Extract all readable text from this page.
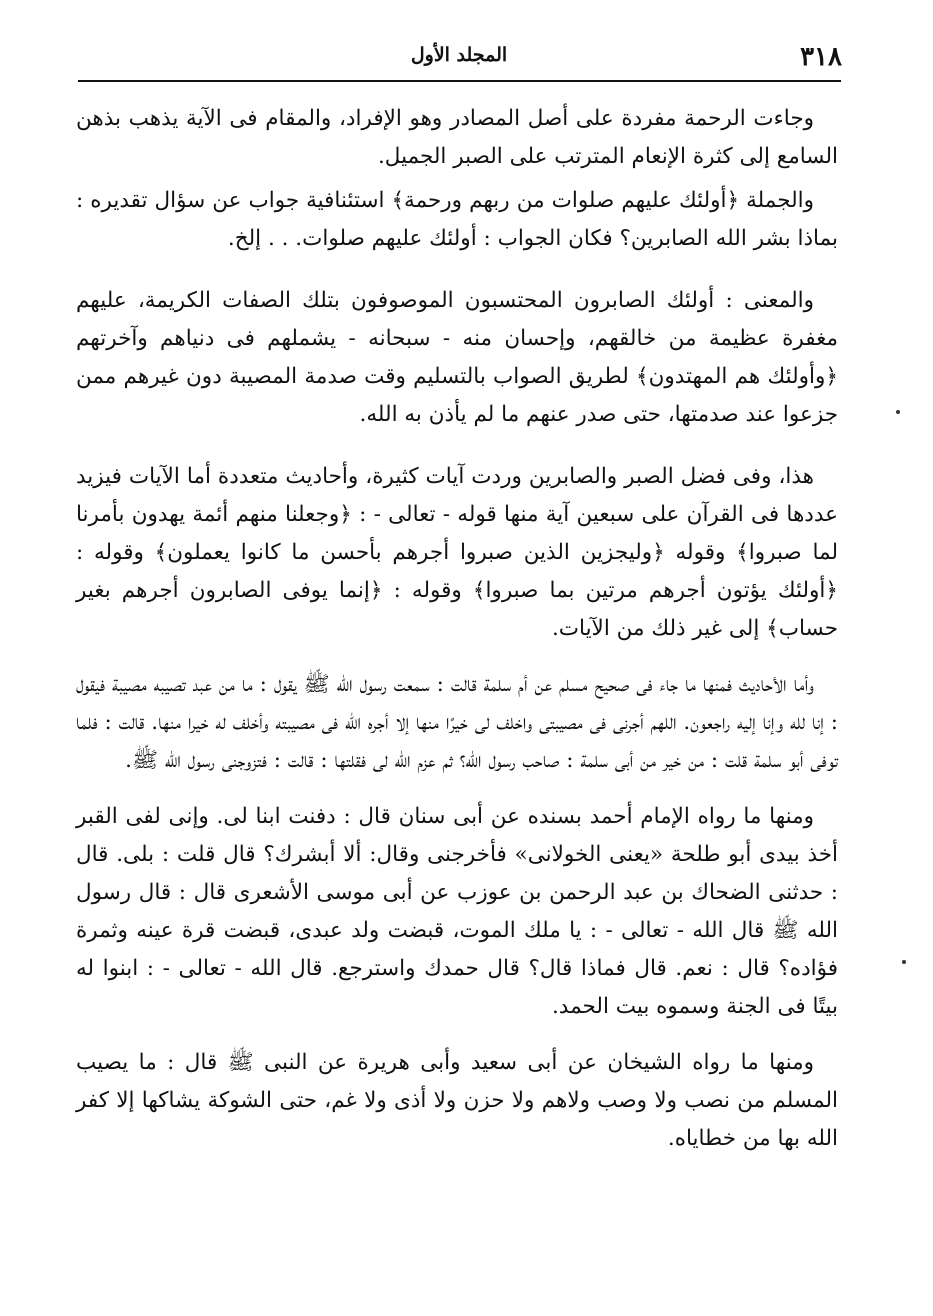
٣١٨
المجلد الأول

وجاءت الرحمة مفردة على أصل المصادر وهو الإفراد، والمقام فى الآية يذهب بذهن السامع إلى كثرة الإنعام المترتب على الصبر الجميل.

والجملة ﴿أولئك عليهم صلوات من ربهم ورحمة﴾ استئنافية جواب عن سؤال تقديره : بماذا بشر الله الصابرين؟ فكان الجواب : أولئك عليهم صلوات. . . إلخ.

والمعنى : أولئك الصابرون المحتسبون الموصوفون بتلك الصفات الكريمة، عليهم مغفرة عظيمة من خالقهم، وإحسان منه - سبحانه - يشملهم فى دنياهم وآخرتهم ﴿وأولئك هم المهتدون﴾ لطريق الصواب بالتسليم وقت صدمة المصيبة دون غيرهم ممن جزعوا عند صدمتها، حتى صدر عنهم ما لم يأذن به الله.

هذا، وفى فضل الصبر والصابرين وردت آيات كثيرة، وأحاديث متعددة أما الآيات فيزيد عددها فى القرآن على سبعين آية منها قوله - تعالى - : ﴿وجعلنا منهم أئمة يهدون بأمرنا لما صبروا﴾ وقوله ﴿وليجزين الذين صبروا أجرهم بأحسن ما كانوا يعملون﴾ وقوله : ﴿أولئك يؤتون أجرهم مرتين بما صبروا﴾ وقوله : ﴿إنما يوفى الصابرون أجرهم بغير حساب﴾ إلى غير ذلك من الآيات.

وأما الأحاديث فمنها ما جاء فى صحيح مسلم عن أم سلمة قالت : سمعت رسول الله ﷺ يقول : ما من عبد تصيبه مصيبة فيقول : إنا لله وإنا إليه راجعون. اللهم أجرنى فى مصيبتى واخلف لى خيرًا منها إلا أجره الله فى مصيبته وأخلف له خيرا منها. قالت : فلما توفى أبو سلمة قلت : من خير من أبى سلمة : صاحب رسول الله؟ ثم عزم الله لى فقلتها : قالت : فتزوجنى رسول الله ﷺ.

ومنها ما رواه الإمام أحمد بسنده عن أبى سنان قال : دفنت ابنا لى. وإنى لفى القبر أخذ بيدى أبو طلحة «يعنى الخولانى» فأخرجنى وقال: ألا أبشرك؟ قال قلت : بلى. قال : حدثنى الضحاك بن عبد الرحمن بن عوزب عن أبى موسى الأشعرى قال : قال رسول الله ﷺ قال الله - تعالى - : يا ملك الموت، قبضت ولد عبدى، قبضت قرة عينه وثمرة فؤاده؟ قال : نعم. قال فماذا قال؟ قال حمدك واسترجع. قال الله - تعالى - : ابنوا له بيتًا فى الجنة وسموه بيت الحمد.

ومنها ما رواه الشيخان عن أبى سعيد وأبى هريرة عن النبى ﷺ قال : ما يصيب المسلم من نصب ولا وصب ولاهم ولا حزن ولا أذى ولا غم، حتى الشوكة يشاكها إلا كفر الله بها من خطاياه.
